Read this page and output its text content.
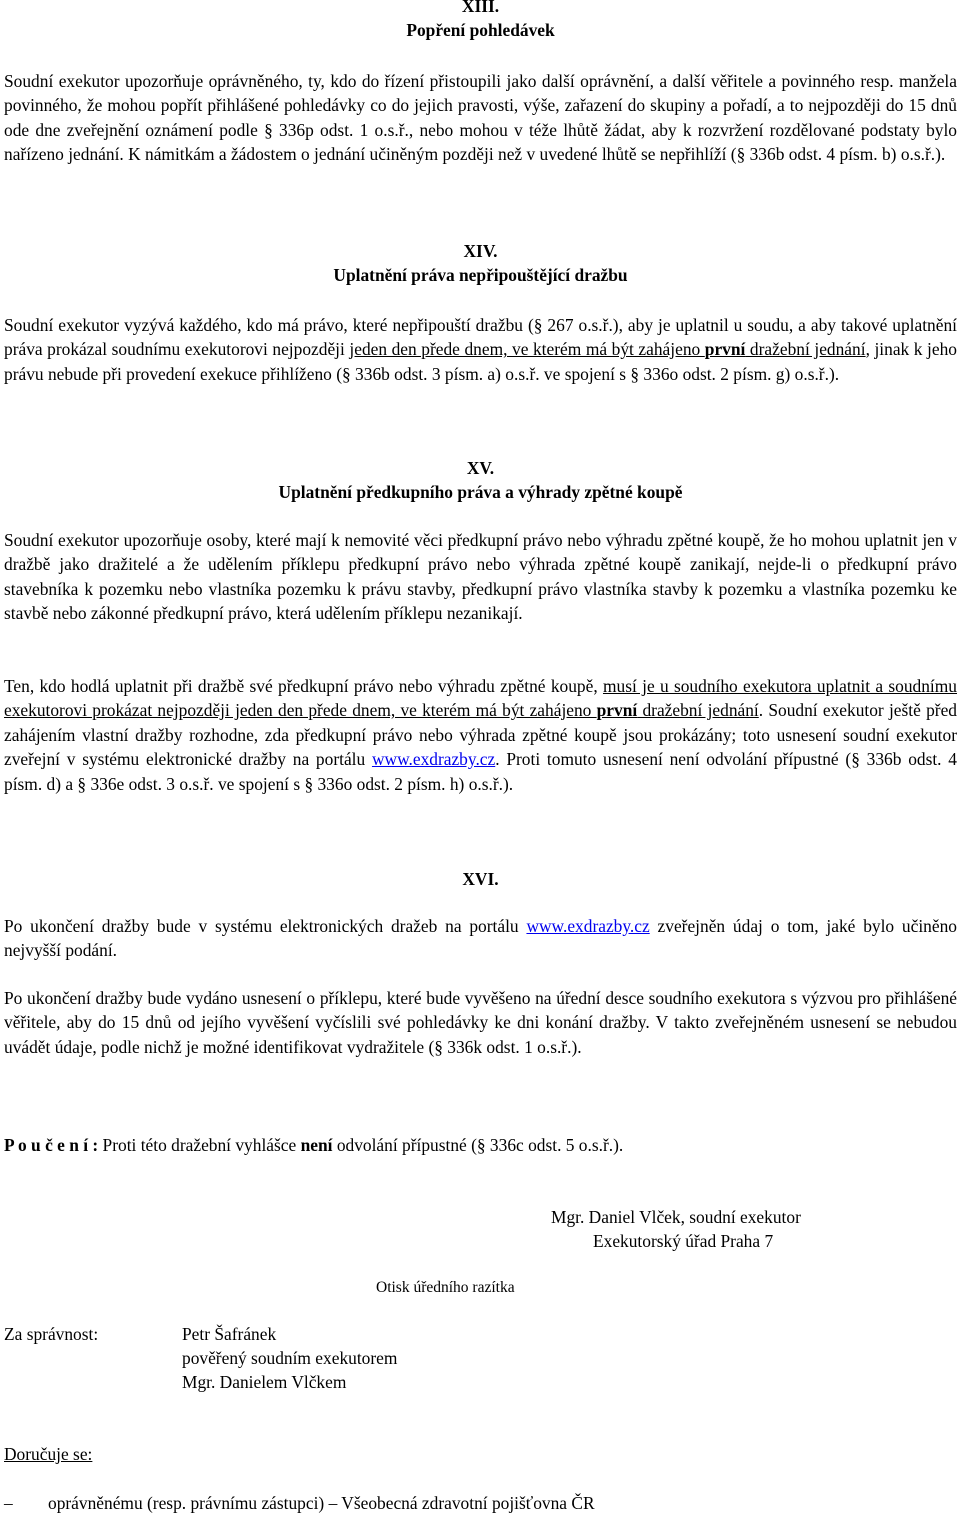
XIII.
Popření pohledávek

Soudní exekutor upozorňuje oprávněného, ty, kdo do řízení přistoupili jako další oprávnění, a další věřitele a povinného resp. manžela povinného, že mohou popřít přihlášené pohledávky co do jejich pravosti, výše, zařazení do skupiny a pořadí, a to nejpozději do 15 dnů ode dne zveřejnění oznámení podle § 336p odst. 1 o.s.ř., nebo mohou v téže lhůtě žádat, aby k rozvržení rozdělované podstaty bylo nařízeno jednání. K námitkám a žádostem o jednání učiněným později než v uvedené lhůtě se nepřihlíží (§ 336b odst. 4 písm. b) o.s.ř.).

XIV.
Uplatnění práva nepřipouštějící dražbu

Soudní exekutor vyzývá každého, kdo má právo, které nepřipouští dražbu (§ 267 o.s.ř.), aby je uplatnil u soudu, a aby takové uplatnění práva prokázal soudnímu exekutorovi nejpozději jeden den přede dnem, ve kterém má být zahájeno první dražební jednání, jinak k jeho právu nebude při provedení exekuce přihlíženo (§ 336b odst. 3 písm. a) o.s.ř. ve spojení s § 336o odst. 2 písm. g) o.s.ř.).

XV.
Uplatnění předkupního práva a výhrady zpětné koupě

Soudní exekutor upozorňuje osoby, které mají k nemovité věci předkupní právo nebo výhradu zpětné koupě, že ho mohou uplatnit jen v dražbě jako dražitelé a že udělením příklepu předkupní právo nebo výhrada zpětné koupě zanikají, nejde-li o předkupní právo stavebníka k pozemku nebo vlastníka pozemku k právu stavby, předkupní právo vlastníka stavby k pozemku a vlastníka pozemku ke stavbě nebo zákonné předkupní právo, která udělením příklepu nezanikají.

Ten, kdo hodlá uplatnit při dražbě své předkupní právo nebo výhradu zpětné koupě, musí je u soudního exekutora uplatnit a soudnímu exekutorovi prokázat nejpozději jeden den přede dnem, ve kterém má být zahájeno první dražební jednání. Soudní exekutor ještě před zahájením vlastní dražby rozhodne, zda předkupní právo nebo výhrada zpětné koupě jsou prokázány; toto usnesení soudní exekutor zveřejní v systému elektronické dražby na portálu www.exdrazby.cz. Proti tomuto usnesení není odvolání přípustné (§ 336b odst. 4 písm. d) a § 336e odst. 3 o.s.ř. ve spojení s § 336o odst. 2 písm. h) o.s.ř.).

XVI.

Po ukončení dražby bude v systému elektronických dražeb na portálu www.exdrazby.cz zveřejněn údaj o tom, jaké bylo učiněno nejvyšší podání.

Po ukončení dražby bude vydáno usnesení o příklepu, které bude vyvěšeno na úřední desce soudního exekutora s výzvou pro přihlášené věřitele, aby do 15 dnů od jejího vyvěšení vyčíslili své pohledávky ke dni konání dražby. V takto zveřejněném usnesení se nebudou uvádět údaje, podle nichž je možné identifikovat vydražitele (§ 336k odst. 1 o.s.ř.).

P o u č e n í : Proti této dražební vyhlášce není odvolání přípustné (§ 336c odst. 5 o.s.ř.).

Mgr. Daniel Vlček, soudní exekutor
Exekutorský úřad Praha 7
Otisk úředního razítka
Za správnost:	Petr Šafránek
pověřený soudním exekutorem
Mgr. Danielem Vlčkem
Doručuje se:
– oprávněnému (resp. právnímu zástupci) – Všeobecná zdravotní pojišťovna ČR
